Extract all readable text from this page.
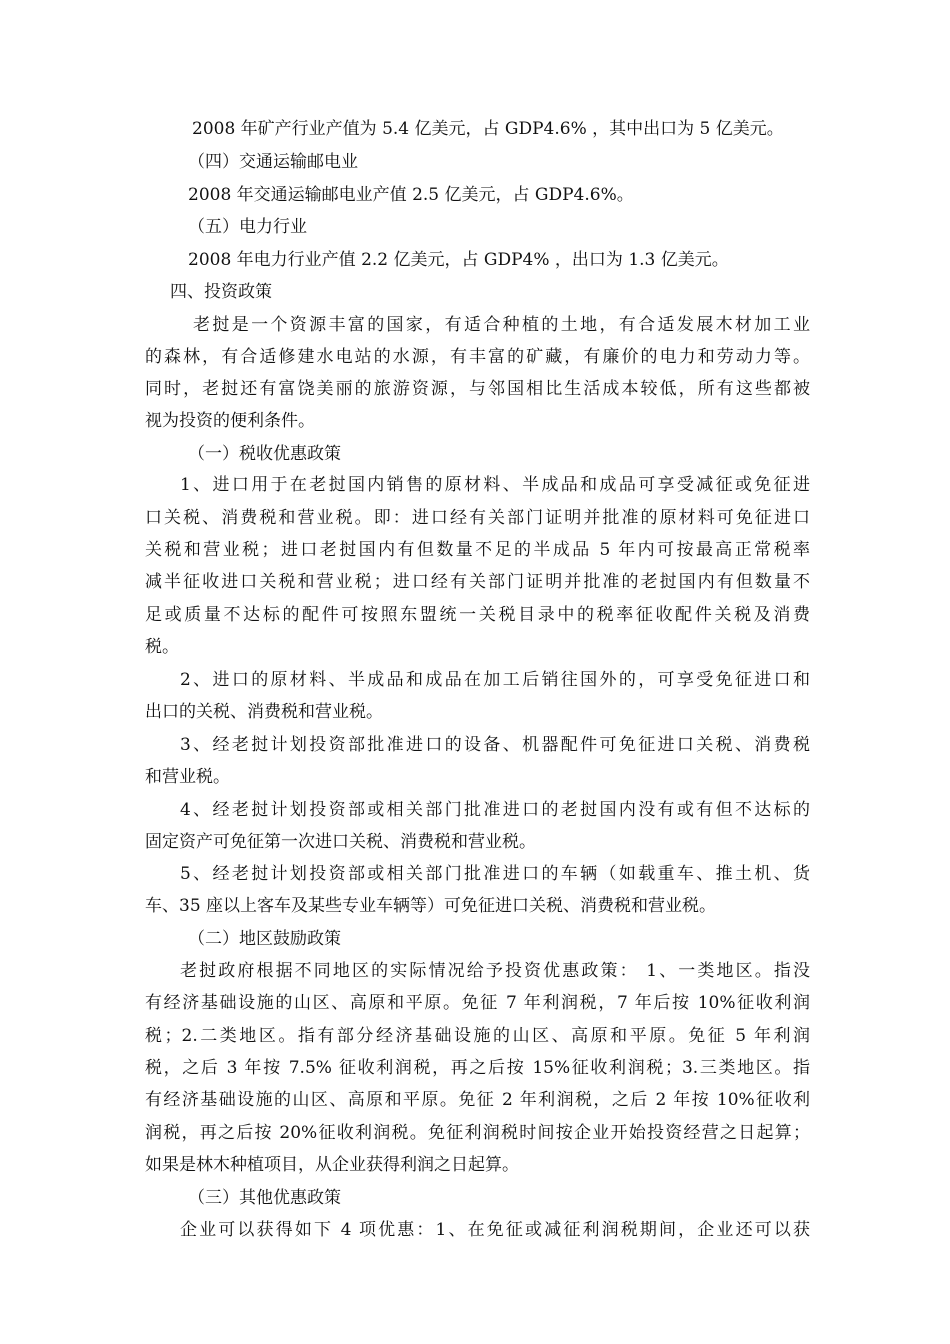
2008 年矿产行业产值为 5.4 亿美元，占 GDP4.6% ，其中出口为 5 亿美元。
（四）交通运输邮电业
2008 年交通运输邮电业产值 2.5 亿美元，占 GDP4.6%。
（五）电力行业
2008 年电力行业产值 2.2 亿美元，占 GDP4% ，出口为 1.3 亿美元。
四、投资政策
老挝是一个资源丰富的国家，有适合种植的土地，有合适发展木材加工业
的森林，有合适修建水电站的水源，有丰富的矿藏，有廉价的电力和劳动力等。
同时，老挝还有富饶美丽的旅游资源，与邻国相比生活成本较低，所有这些都被
视为投资的便利条件。
（一）税收优惠政策
1、进口用于在老挝国内销售的原材料、半成品和成品可享受减征或免征进
口关税、消费税和营业税。即：进口经有关部门证明并批准的原材料可免征进口
关税和营业税；进口老挝国内有但数量不足的半成品 5 年内可按最高正常税率
减半征收进口关税和营业税；进口经有关部门证明并批准的老挝国内有但数量不
足或质量不达标的配件可按照东盟统一关税目录中的税率征收配件关税及消费
税。
2、进口的原材料、半成品和成品在加工后销往国外的，可享受免征进口和
出口的关税、消费税和营业税。
3、经老挝计划投资部批准进口的设备、机器配件可免征进口关税、消费税
和营业税。
4、经老挝计划投资部或相关部门批准进口的老挝国内没有或有但不达标的
固定资产可免征第一次进口关税、消费税和营业税。
5、经老挝计划投资部或相关部门批准进口的车辆（如载重车、推土机、货
车、35 座以上客车及某些专业车辆等）可免征进口关税、消费税和营业税。
（二）地区鼓励政策
老挝政府根据不同地区的实际情况给予投资优惠政策： 1、一类地区。指没
有经济基础设施的山区、高原和平原。免征 7 年利润税，7 年后按 10%征收利润
税；2.二类地区。指有部分经济基础设施的山区、高原和平原。免征 5 年利润
税，之后 3 年按 7.5% 征收利润税，再之后按 15%征收利润税；3.三类地区。指
有经济基础设施的山区、高原和平原。免征 2 年利润税，之后 2 年按 10%征收利
润税，再之后按 20%征收利润税。免征利润税时间按企业开始投资经营之日起算；
如果是林木种植项目，从企业获得利润之日起算。
（三）其他优惠政策
企业可以获得如下 4 项优惠：1、在免征或减征利润税期间，企业还可以获
